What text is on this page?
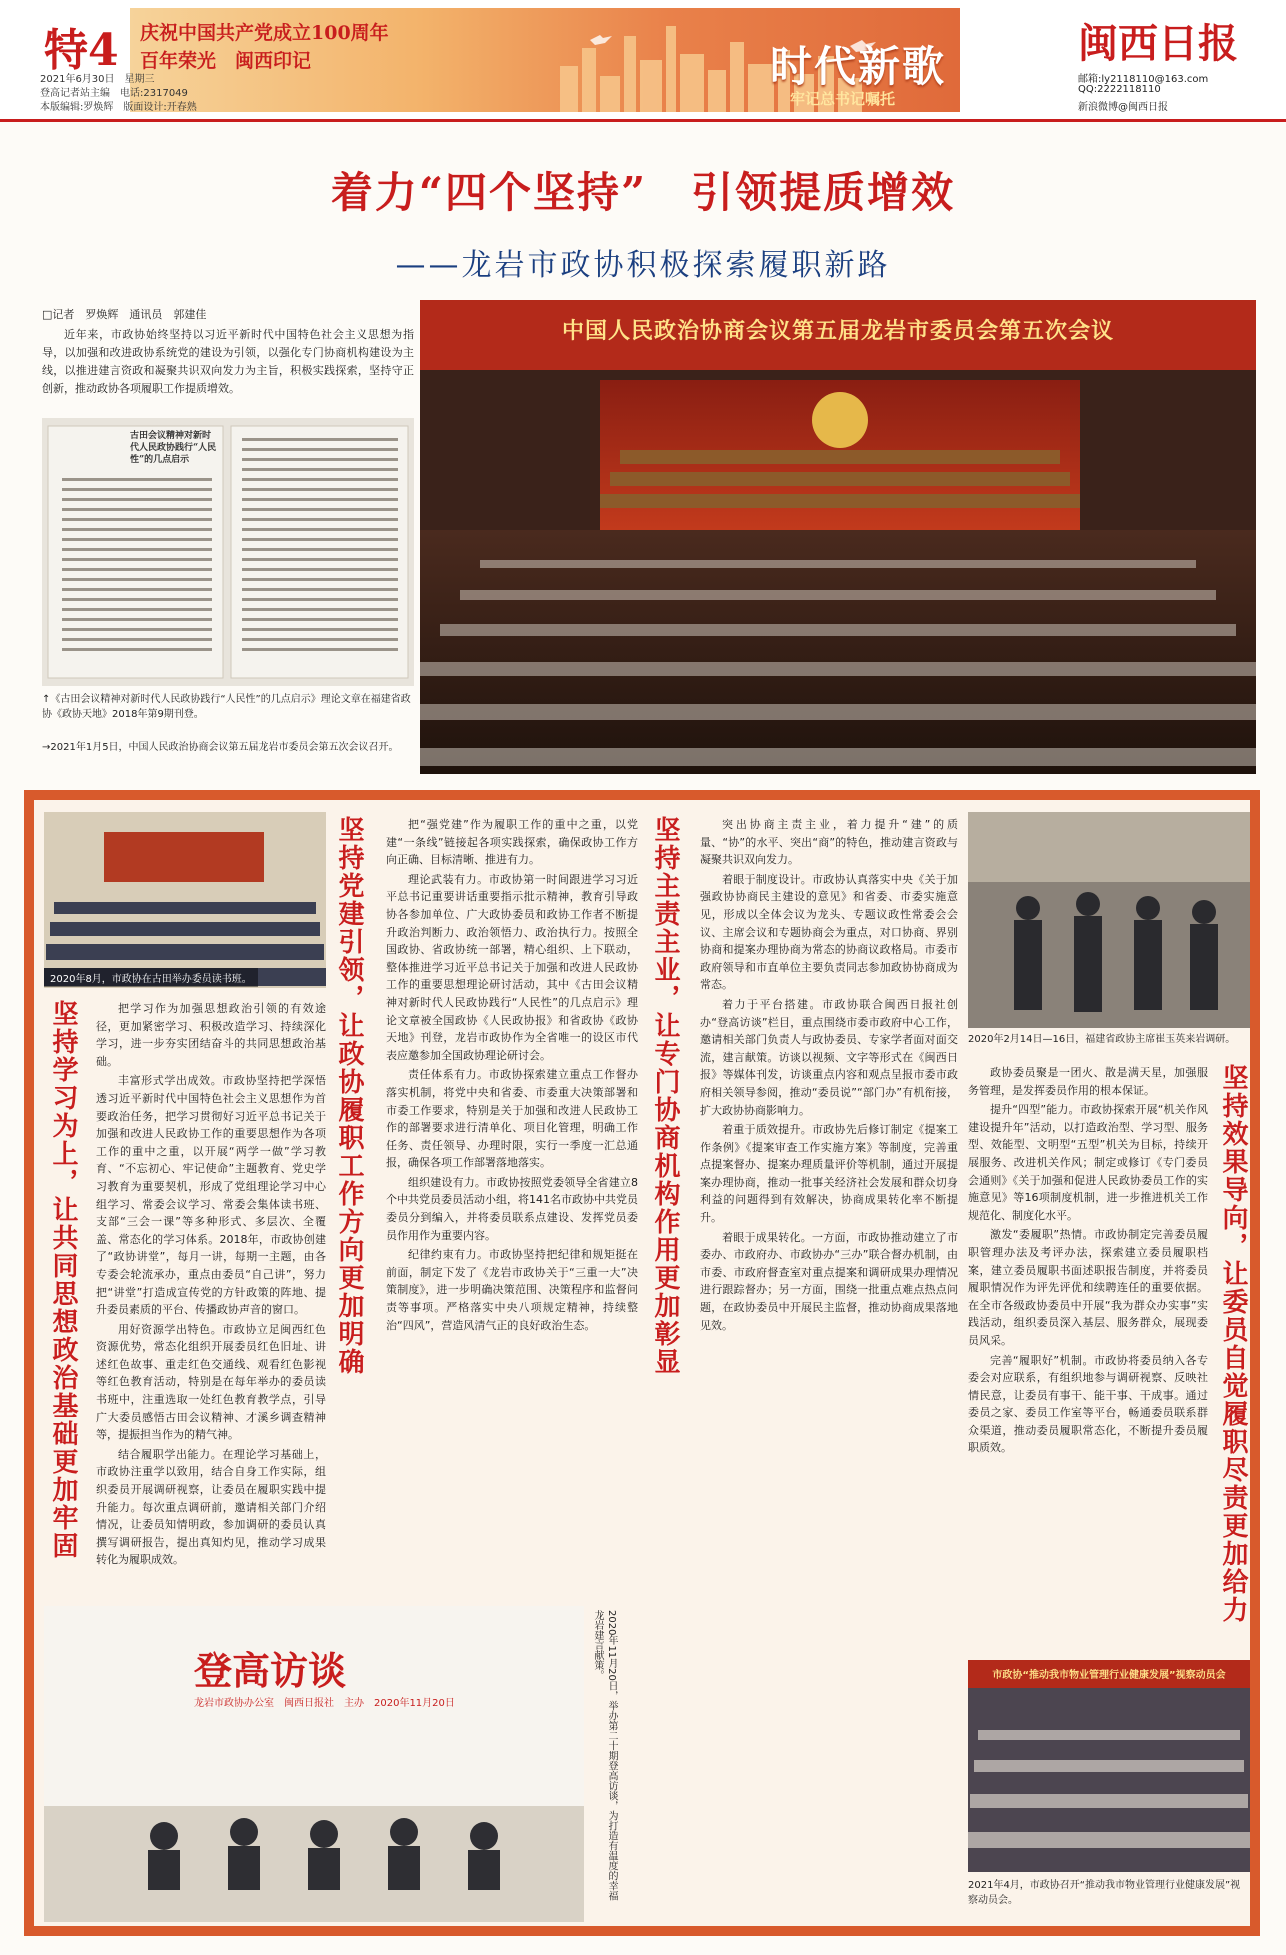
特4 庆祝中国共产党成立100周年
百年荣光　闽西印记	时代新歌
牢记总书记嘱托
2021年6月30日　星期三
登高记者站主编　电话:2317049
本版编辑:罗焕辉　版面设计:开春熟
闽西日报
邮箱:ly2118110@163.com
QQ:2222118110
新浪微博@闽西日报
着力“四个坚持”　引领提质增效
——龙岩市政协积极探索履职新路
□记者　罗焕辉　通讯员　郭建佳
近年来，市政协始终坚持以习近平新时代中国特色社会主义思想为指导，以加强和改进政协系统党的建设为引领，以强化专门协商机构建设为主线，以推进建言资政和凝聚共识双向发力为主旨，积极实践探索，坚持守正创新，推动政协各项履职工作提质增效。
古田会议精神对新时代人民政协践行“人民性”的几点启示
↑《古田会议精神对新时代人民政协践行“人民性”的几点启示》理论文章在福建省政协《政协天地》2018年第9期刊登。
→2021年1月5日，中国人民政治协商会议第五届龙岩市委员会第五次会议召开。
中国人民政治协商会议第五届龙岩市委员会第五次会议
2020年8月，市政协在古田举办委员读书班。
坚持学习为上，让共同思想政治基础更加牢固	把学习作为加强思想政治引领的有效途径，更加紧密学习、积极改造学习、持续深化学习，进一步夯实团结奋斗的共同思想政治基础。

丰富形式学出成效。市政协坚持把学深悟透习近平新时代中国特色社会主义思想作为首要政治任务，把学习贯彻好习近平总书记关于加强和改进人民政协工作的重要思想作为各项工作的重中之重，以开展“两学一做”学习教育、“不忘初心、牢记使命”主题教育、党史学习教育为重要契机，形成了党组理论学习中心组学习、常委会议学习、常委会集体读书班、支部“三会一课”等多种形式、多层次、全覆盖、常态化的学习体系。2018年，市政协创建了“政协讲堂”，每月一讲，每期一主题，由各专委会轮流承办，重点由委员“自己讲”，努力把“讲堂”打造成宣传党的方针政策的阵地、提升委员素质的平台、传播政协声音的窗口。

用好资源学出特色。市政协立足闽西红色资源优势，常态化组织开展委员红色旧址、讲述红色故事、重走红色交通线、观看红色影视等红色教育活动，特别是在每年举办的委员读书班中，注重选取一处红色教育教学点，引导广大委员感悟古田会议精神、才溪乡调查精神等，提振担当作为的精气神。

结合履职学出能力。在理论学习基础上，市政协注重学以致用，结合自身工作实际，组织委员开展调研视察，让委员在履职实践中提升能力。每次重点调研前，邀请相关部门介绍情况，让委员知情明政，参加调研的委员认真撰写调研报告，提出真知灼见，推动学习成果转化为履职成效。

坚持党建引领，让政协履职工作方向更加明确	把“强党建”作为履职工作的重中之重，以党建“一条线”链接起各项实践探索，确保政协工作方向正确、目标清晰、推进有力。

理论武装有力。市政协第一时间跟进学习习近平总书记重要讲话重要指示批示精神，教育引导政协各参加单位、广大政协委员和政协工作者不断提升政治判断力、政治领悟力、政治执行力。按照全国政协、省政协统一部署，精心组织、上下联动，整体推进学习近平总书记关于加强和改进人民政协工作的重要思想理论研讨活动，其中《古田会议精神对新时代人民政协践行“人民性”的几点启示》理论文章被全国政协《人民政协报》和省政协《政协天地》刊登，龙岩市政协作为全省唯一的设区市代表应邀参加全国政协理论研讨会。

责任体系有力。市政协探索建立重点工作督办落实机制，将党中央和省委、市委重大决策部署和市委工作要求，特别是关于加强和改进人民政协工作的部署要求进行清单化、项目化管理，明确工作任务、责任领导、办理时限，实行一季度一汇总通报，确保各项工作部署落地落实。

组织建设有力。市政协按照党委领导全省建立8个中共党员委员活动小组，将141名市政协中共党员委员分到编入，并将委员联系点建设、发挥党员委员作用作为重要内容。

纪律约束有力。市政协坚持把纪律和规矩挺在前面，制定下发了《龙岩市政协关于“三重一大”决策制度》，进一步明确决策范围、决策程序和监督问责等事项。严格落实中央八项规定精神，持续整治“四风”，营造风清气正的良好政治生态。

登高访谈
龙岩市政协办公室　闽西日报社　主办　2020年11月20日	2020年11月20日，举办第二十期登高访谈，为打造有温度的幸福龙岩建言献策。
坚持主责主业，让专门协商机构作用更加彰显	突出协商主责主业，着力提升“建”的质量、“协”的水平、突出“商”的特色，推动建言资政与凝聚共识双向发力。

着眼于制度设计。市政协认真落实中央《关于加强政协协商民主建设的意见》和省委、市委实施意见，形成以全体会议为龙头、专题议政性常委会会议、主席会议和专题协商会为重点，对口协商、界别协商和提案办理协商为常态的协商议政格局。市委市政府领导和市直单位主要负责同志参加政协协商成为常态。

着力于平台搭建。市政协联合闽西日报社创办“登高访谈”栏目，重点围绕市委市政府中心工作，邀请相关部门负责人与政协委员、专家学者面对面交流，建言献策。访谈以视频、文字等形式在《闽西日报》等媒体刊发，访谈重点内容和观点呈报市委市政府相关领导参阅，推动“委员说”“部门办”有机衔接，扩大政协协商影响力。

着重于质效提升。市政协先后修订制定《提案工作条例》《提案审查工作实施方案》等制度，完善重点提案督办、提案办理质量评价等机制，通过开展提案办理协商，推动一批事关经济社会发展和群众切身利益的问题得到有效解决，协商成果转化率不断提升。

着眼于成果转化。一方面，市政协推动建立了市委办、市政府办、市政协办“三办”联合督办机制，由市委、市政府督查室对重点提案和调研成果办理情况进行跟踪督办；另一方面，围绕一批重点难点热点问题，在政协委员中开展民主监督，推动协商成果落地见效。

2020年2月14日—16日，福建省政协主席崔玉英来岩调研。
坚持效果导向，让委员自觉履职尽责更加给力

政协委员聚是一团火、散是满天星，加强服务管理，是发挥委员作用的根本保证。

提升“四型”能力。市政协探索开展“机关作风建设提升年”活动，以打造政治型、学习型、服务型、效能型、文明型“五型”机关为目标，持续开展服务、改进机关作风；制定或修订《专门委员会通则》《关于加强和促进人民政协委员工作的实施意见》等16项制度机制，进一步推进机关工作规范化、制度化水平。

激发“委履职”热情。市政协制定完善委员履职管理办法及考评办法，探索建立委员履职档案，建立委员履职书面述职报告制度，并将委员履职情况作为评先评优和续聘连任的重要依据。在全市各级政协委员中开展“我为群众办实事”实践活动，组织委员深入基层、服务群众，展现委员风采。

完善“履职好”机制。市政协将委员纳入各专委会对应联系，有组织地参与调研视察、反映社情民意，让委员有事干、能干事、干成事。通过委员之家、委员工作室等平台，畅通委员联系群众渠道，推动委员履职常态化，不断提升委员履职质效。

市政协“推动我市物业管理行业健康发展”视察动员会
2021年4月，市政协召开“推动我市物业管理行业健康发展”视察动员会。
